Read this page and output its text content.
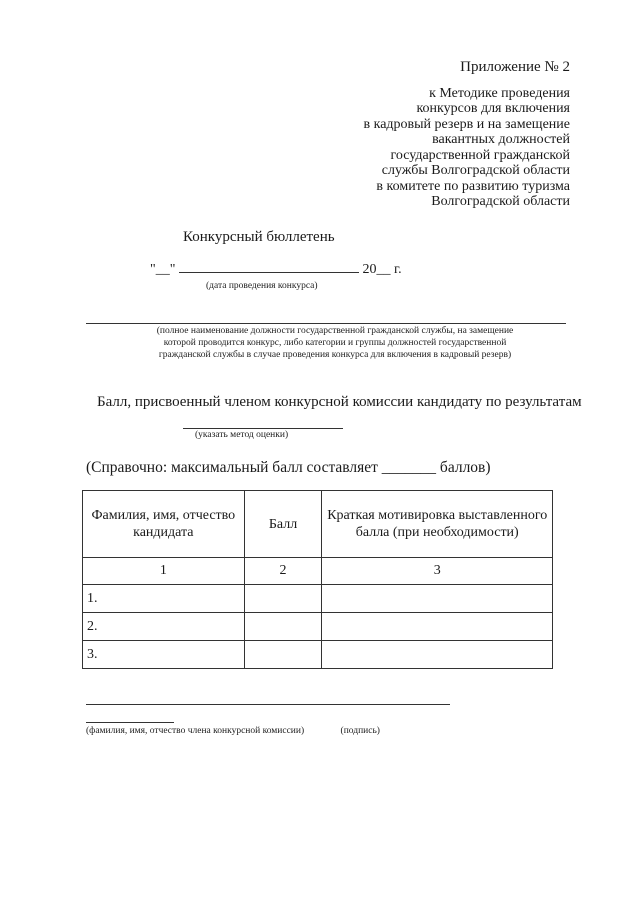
Приложение № 2
к Методике проведения
конкурсов для включения
в кадровый резерв и на замещение
вакантных должностей
государственной гражданской
службы Волгоградской области
в комитете по развитию туризма
Волгоградской области
Конкурсный бюллетень
"__"	20__ г.
(дата проведения конкурса)
(полное наименование должности государственной гражданской службы, на замещение которой проводится конкурс, либо категории и группы должностей государственной гражданской службы в случае проведения конкурса для включения в кадровый резерв)
Балл, присвоенный членом конкурсной комиссии кандидату по результатам
(указать метод оценки)
(Справочно: максимальный балл составляет _______ баллов)
Фамилия, имя, отчество кандидата	Балл	Краткая мотивировка выставленного балла (при необходимости)
1	2	3
1.		
2.		
3.		
(фамилия, имя, отчество члена конкурсной комиссии)	(подпись)
